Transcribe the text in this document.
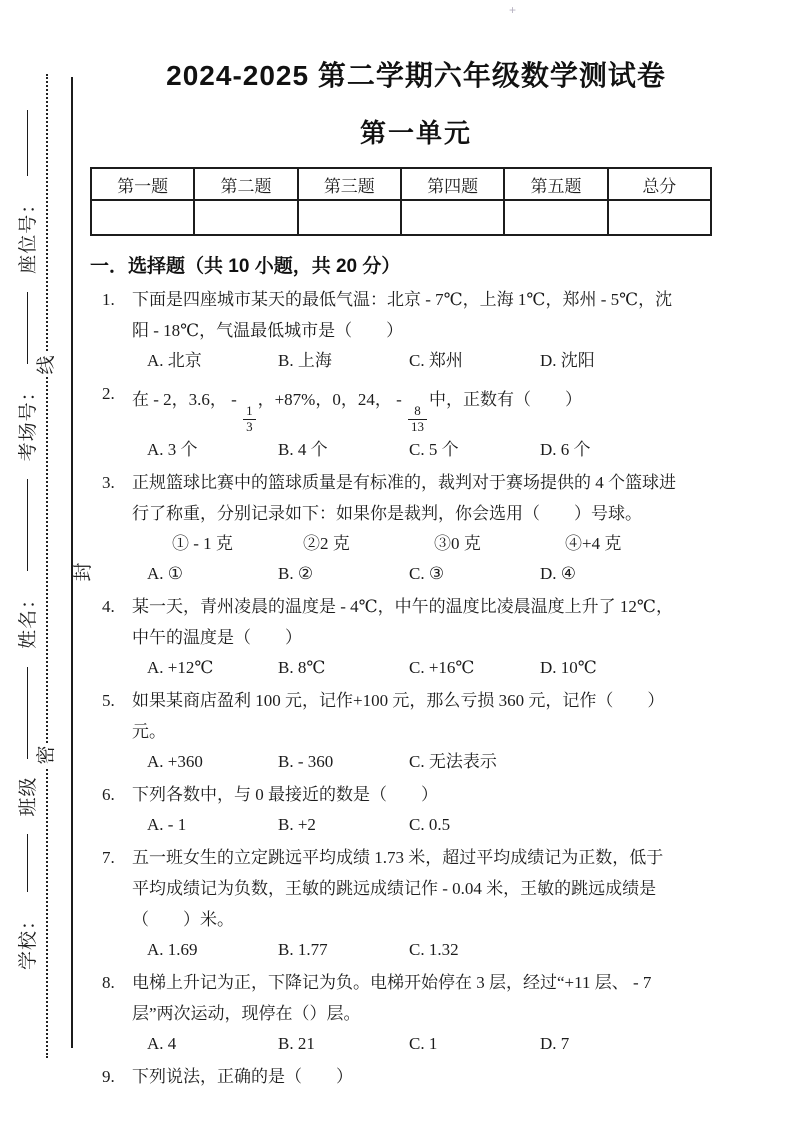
+
线
封
密
学校：
班级
姓名：
考场号：
座位号：
2024-2025 第二学期六年级数学测试卷
第一单元
第一题	第二题	第三题	第四题	第五题	总分

一．选择题（共 10 小题，共 20 分）
1.	下面是四座城市某天的最低气温：北京 - 7℃，上海 1℃，郑州 - 5℃，沈
阳 - 18℃，气温最低城市是（　　）
A. 北京	B. 上海	C. 郑州	D. 沈阳
2.	在 - 2，3.6， -
$\frac{1}{3}$
，+87%，0，24， -
$\frac{8}{13}$
中，正数有（　　）
A. 3 个	B. 4 个	C. 5 个	D. 6 个
3.	正规篮球比赛中的篮球质量是有标准的，裁判对于赛场提供的 4 个篮球进
行了称重，分别记录如下：如果你是裁判，你会选用（　　）号球。
① - 1 克	②2 克	③0 克	④+4 克
A. ①	B. ②	C. ③	D. ④
4.	某一天，青州凌晨的温度是 - 4℃，中午的温度比凌晨温度上升了 12℃，
中午的温度是（　　）
A. +12℃	B. 8℃	C. +16℃	D. 10℃
5.	如果某商店盈利 100 元，记作+100 元，那么亏损 360 元，记作（　　）
元。
A. +360	B. - 360	C. 无法表示
6.	下列各数中，与 0 最接近的数是（　　）
A. - 1	B. +2	C. 0.5
7.	五一班女生的立定跳远平均成绩 1.73 米，超过平均成绩记为正数，低于
平均成绩记为负数，王敏的跳远成绩记作 - 0.04 米，王敏的跳远成绩是
（　　）米。
A. 1.69	B. 1.77	C. 1.32
8.	电梯上升记为正，下降记为负。电梯开始停在 3 层，经过“+11 层、 - 7
层”两次运动，现停在（）层。
A. 4	B. 21	C. 1	D. 7
9.	下列说法，正确的是（　　）
